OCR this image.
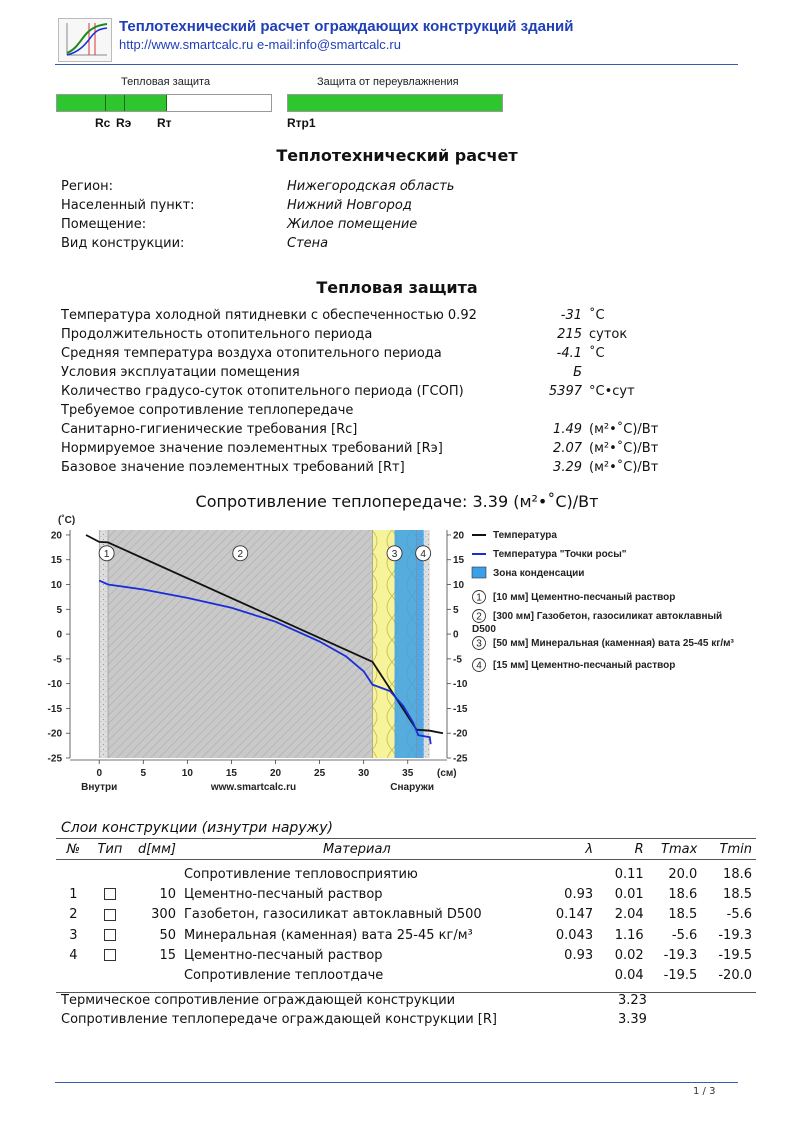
Теплотехнический расчет ограждающих конструкций зданий
http://www.smartcalc.ru e-mail:info@smartcalc.ru
Тепловая защита
Rс Rэ Rт
Защита от переувлажнения
Rтр1
Теплотехнический расчет
Регион:	Нижегородская область
Населенный пункт:	Нижний Новгород
Помещение:	Жилое помещение
Вид конструкции:	Стена
Тепловая защита
Температура холодной пятидневки с обеспеченностью 0.92	-31 ˚C
Продолжительность отопительного периода	215 суток
Средняя температура воздуха отопительного периода	-4.1 ˚C
Условия эксплуатации помещения	Б
Количество градусо-суток отопительного периода (ГСОП)	5397 °C•сут
Требуемое сопротивление теплопередаче
Санитарно-гигиенические требования [Rc]	1.49 (м²•˚C)/Вт
Нормируемое значение поэлементных требований [Rэ]	2.07 (м²•˚C)/Вт
Базовое значение поэлементных требований [Rт]	3.29 (м²•˚C)/Вт
Сопротивление теплопередаче: 3.39 (м²•˚C)/Вт
20	20
15	15
10	10
5	5
0	0
-5	-5
-10	-10
-15	-15
-20	-20
-25	-25
0	5	10	15	20	25	30	35
(˚C)
(см)
Внутри	Снаружи
www.smartcalc.ru
1	2	3 4
Температура
Температура "Точки росы"
Зона конденсации
1 [10 мм] Цементно-песчаный раствор
2 [300 мм] Газобетон, газосиликат автоклавный
D500
3 [50 мм] Минеральная (каменная) вата 25-45 кг/м³
4 [15 мм] Цементно-песчаный раствор
Слои конструкции (изнутри наружу)
№	Тип	d[мм]	Материал	λ	R	Tmax	Tmin
			Сопротивление тепловосприятию		0.11	20.0	18.6
1		10	Цементно-песчаный раствор	0.93	0.01	18.6	18.5
2		300	Газобетон, газосиликат автоклавный D500	0.147	2.04	18.5	-5.6
3		50	Минеральная (каменная) вата 25-45 кг/м³	0.043	1.16	-5.6	-19.3
4		15	Цементно-песчаный раствор	0.93	0.02	-19.3	-19.5
			Сопротивление теплоотдаче		0.04	-19.5	-20.0
Термическое сопротивление ограждающей конструкции	3.23
Сопротивление теплопередаче ограждающей конструкции [R]	3.39
1 / 3
